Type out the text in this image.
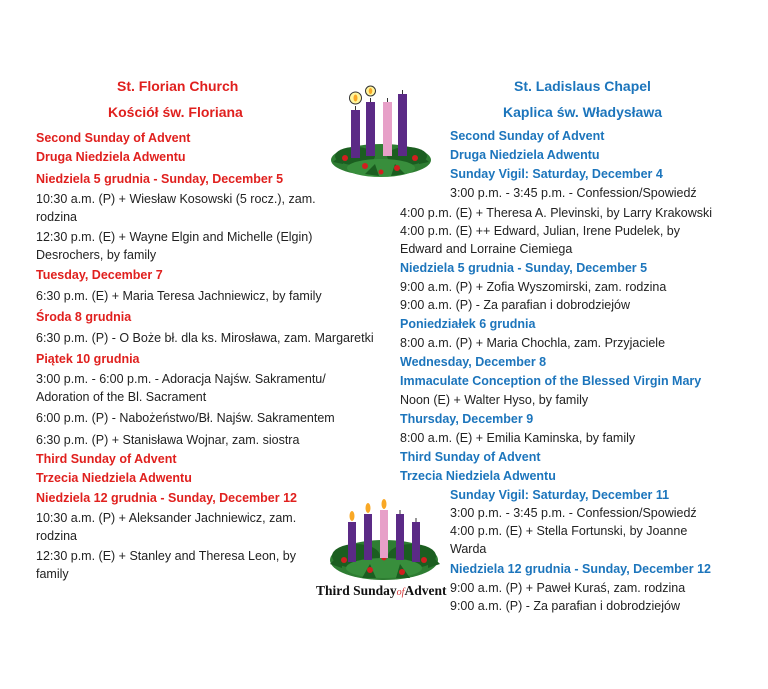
St. Florian Church
Kościół św. Floriana
Second Sunday of Advent
Druga Niedziela Adwentu
Niedziela 5 grudnia - Sunday, December 5
10:30 a.m. (P) + Wiesław Kosowski (5 rocz.), zam. rodzina
12:30 p.m. (E) + Wayne Elgin and Michelle (Elgin) Desrochers, by family
Tuesday, December 7
6:30 p.m. (E) + Maria Teresa Jachniewicz, by family
Środa 8 grudnia
6:30 p.m. (P) - O Boże bł. dla ks. Mirosława, zam. Margaretki
Piątek 10 grudnia
3:00 p.m. - 6:00 p.m. - Adoracja Najśw. Sakramentu/ Adoration of the Bl. Sacrament
6:00 p.m. (P) - Nabożeństwo/Bł. Najśw. Sakramentem
6:30 p.m. (P) + Stanisława Wojnar, zam. siostra
Third Sunday of Advent
Trzecia Niedziela Adwentu
Niedziela 12 grudnia - Sunday, December 12
10:30 a.m. (P) + Aleksander Jachniewicz, zam. rodzina
12:30 p.m. (E) + Stanley and Theresa Leon, by family
St. Ladislaus Chapel
Kaplica św. Władysława
Second Sunday of Advent
Druga Niedziela Adwentu
Sunday Vigil: Saturday, December 4
3:00 p.m. - 3:45 p.m. - Confession/Spowiedź
4:00 p.m. (E) + Theresa A. Plevinski, by Larry Krakowski
4:00 p.m. (E) ++ Edward, Julian, Irene Pudelek, by Edward and Lorraine Ciemiega
Niedziela 5 grudnia - Sunday, December 5
9:00 a.m. (P) + Zofia Wyszomirski, zam. rodzina
9:00 a.m. (P) - Za parafian i dobrodziejów
Poniedziałek 6 grudnia
8:00 a.m. (P) + Maria Chochla, zam. Przyjaciele
Wednesday, December 8
Immaculate Conception of the Blessed Virgin Mary
Noon (E) + Walter Hyso, by family
Thursday, December 9
8:00 a.m. (E) + Emilia Kaminska, by family
Third Sunday of Advent
Trzecia Niedziela Adwentu
Sunday Vigil: Saturday, December 11
3:00 p.m. - 3:45 p.m. - Confession/Spowiedź
4:00 p.m. (E) + Stella Fortunski, by Joanne Warda
Niedziela 12 grudnia - Sunday, December 12
9:00 a.m. (P) + Paweł Kuraś, zam. rodzina
9:00 a.m. (P) - Za parafian i dobrodziejów
Third SundayofAdvent
